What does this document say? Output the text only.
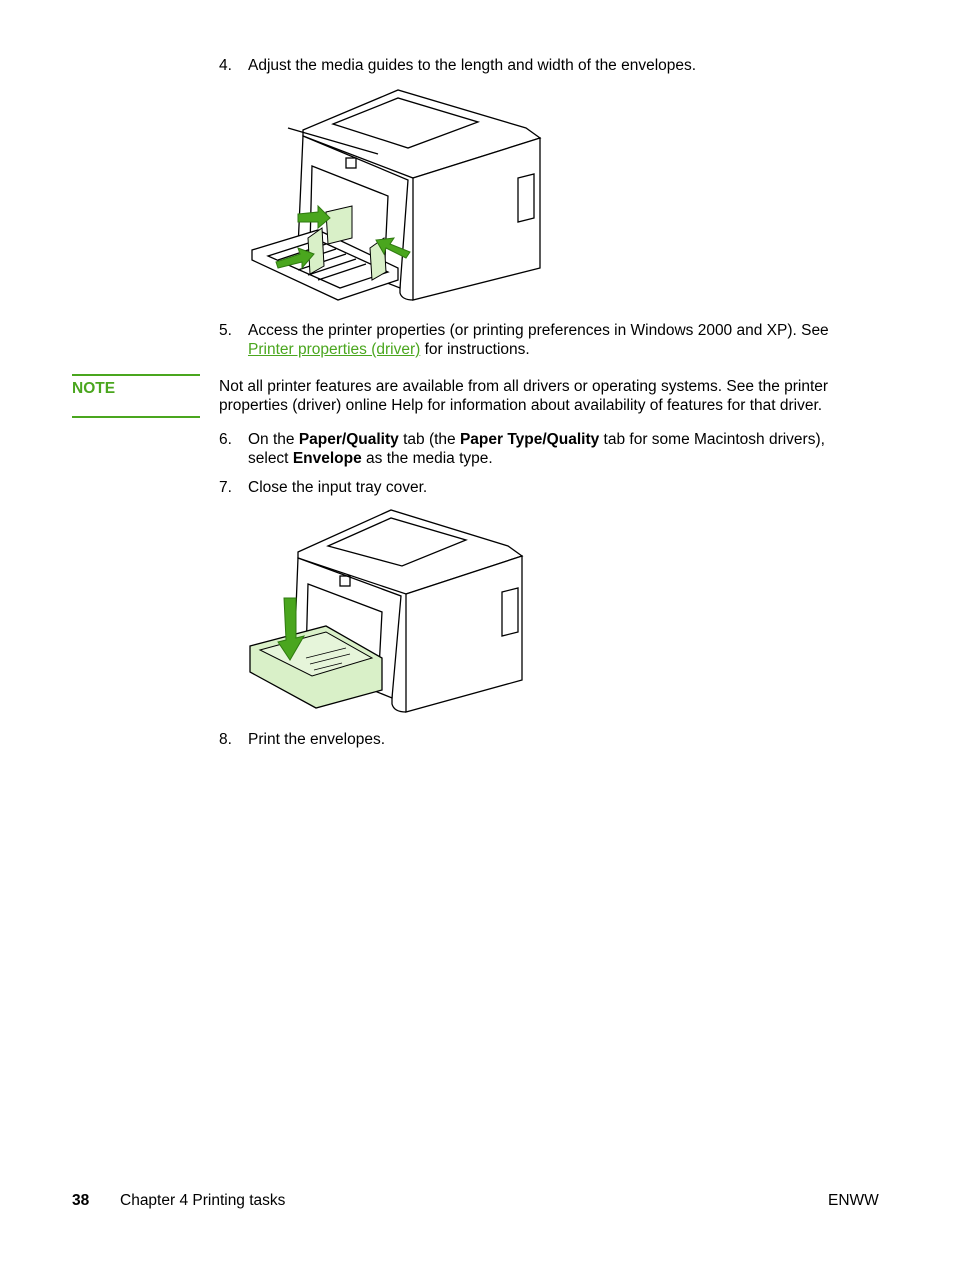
4. Adjust the media guides to the length and width of the envelopes.
5. Access the printer properties (or printing preferences in Windows 2000 and XP). See Printer properties (driver) for instructions.
NOTE	Not all printer features are available from all drivers or operating systems. See the printer properties (driver) online Help for information about availability of features for that driver.
6. On the Paper/Quality tab (the Paper Type/Quality tab for some Macintosh drivers), select Envelope as the media type.
7. Close the input tray cover.
8. Print the envelopes.
38 Chapter 4 Printing tasks	ENWW
